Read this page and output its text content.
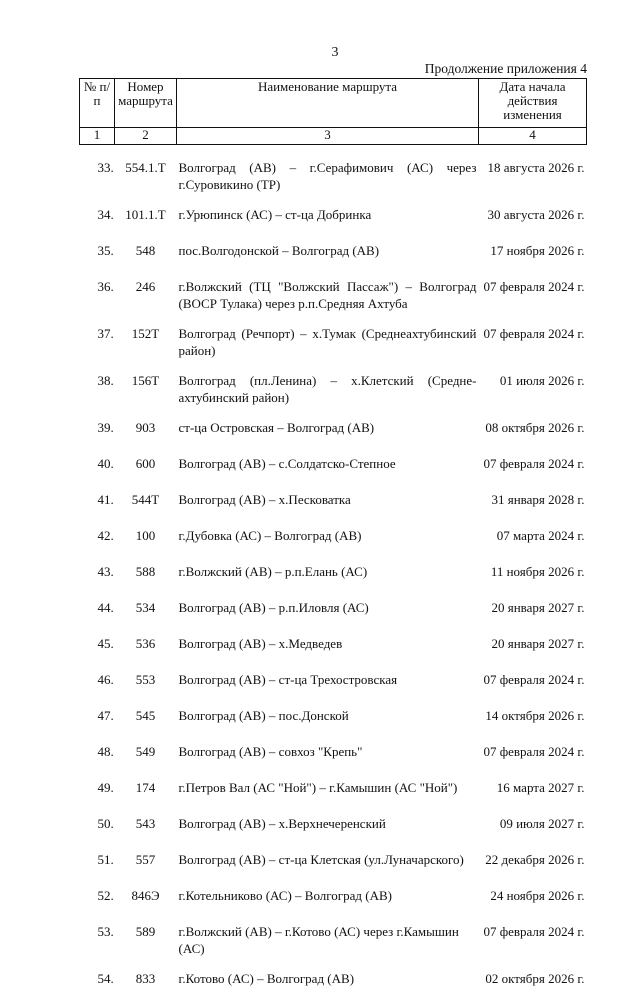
3
Продолжение приложения 4
№ п/п	Номер маршрута	Наименование маршрута	Дата начала действия изменения
1	2	3	4

33.	554.1.Т	Волгоград (АВ) – г.Серафимович (АС) через г.Суровикино (ТР)	18 августа 2026 г.
34.	101.1.Т	г.Урюпинск (АС) – ст-ца Добринка	30 августа 2026 г.
35.	548	пос.Волгодонской – Волгоград (АВ)	17 ноября 2026 г.
36.	246	г.Волжский (ТЦ "Волжский Пассаж") – Волгоград (ВОСР Тулака) через р.п.Средняя Ахтуба	07 февраля 2024 г.
37.	152Т	Волгоград (Речпорт) – х.Тумак (Среднеахтубинский район)	07 февраля 2024 г.
38.	156Т	Волгоград (пл.Ленина) – х.Клетский (Средне-ахтубинский район)	01 июля 2026 г.
39.	903	ст-ца Островская – Волгоград (АВ)	08 октября 2026 г.
40.	600	Волгоград (АВ) – с.Солдатско-Степное	07 февраля 2024 г.
41.	544Т	Волгоград (АВ) – х.Песковатка	31 января 2028 г.
42.	100	г.Дубовка (АС) – Волгоград (АВ)	07 марта 2024 г.
43.	588	г.Волжский (АВ) – р.п.Елань (АС)	11 ноября 2026 г.
44.	534	Волгоград (АВ) – р.п.Иловля (АС)	20 января 2027 г.
45.	536	Волгоград (АВ) – х.Медведев	20 января 2027 г.
46.	553	Волгоград (АВ) – ст-ца Трехостровская	07 февраля 2024 г.
47.	545	Волгоград (АВ) – пос.Донской	14 октября 2026 г.
48.	549	Волгоград (АВ) – совхоз "Крепь"	07 февраля 2024 г.
49.	174	г.Петров Вал (АС "Ной") – г.Камышин (АС "Ной")	16 марта 2027 г.
50.	543	Волгоград (АВ) – х.Верхнечеренский	09 июля 2027 г.
51.	557	Волгоград (АВ) – ст-ца Клетская (ул.Луначарского)	22 декабря 2026 г.
52.	846Э	г.Котельниково (АС) – Волгоград (АВ)	24 ноября 2026 г.
53.	589	г.Волжский (АВ) – г.Котово (АС) через г.Камышин (АС)	07 февраля 2024 г.
54.	833	г.Котово (АС) – Волгоград (АВ)	02 октября 2026 г.
